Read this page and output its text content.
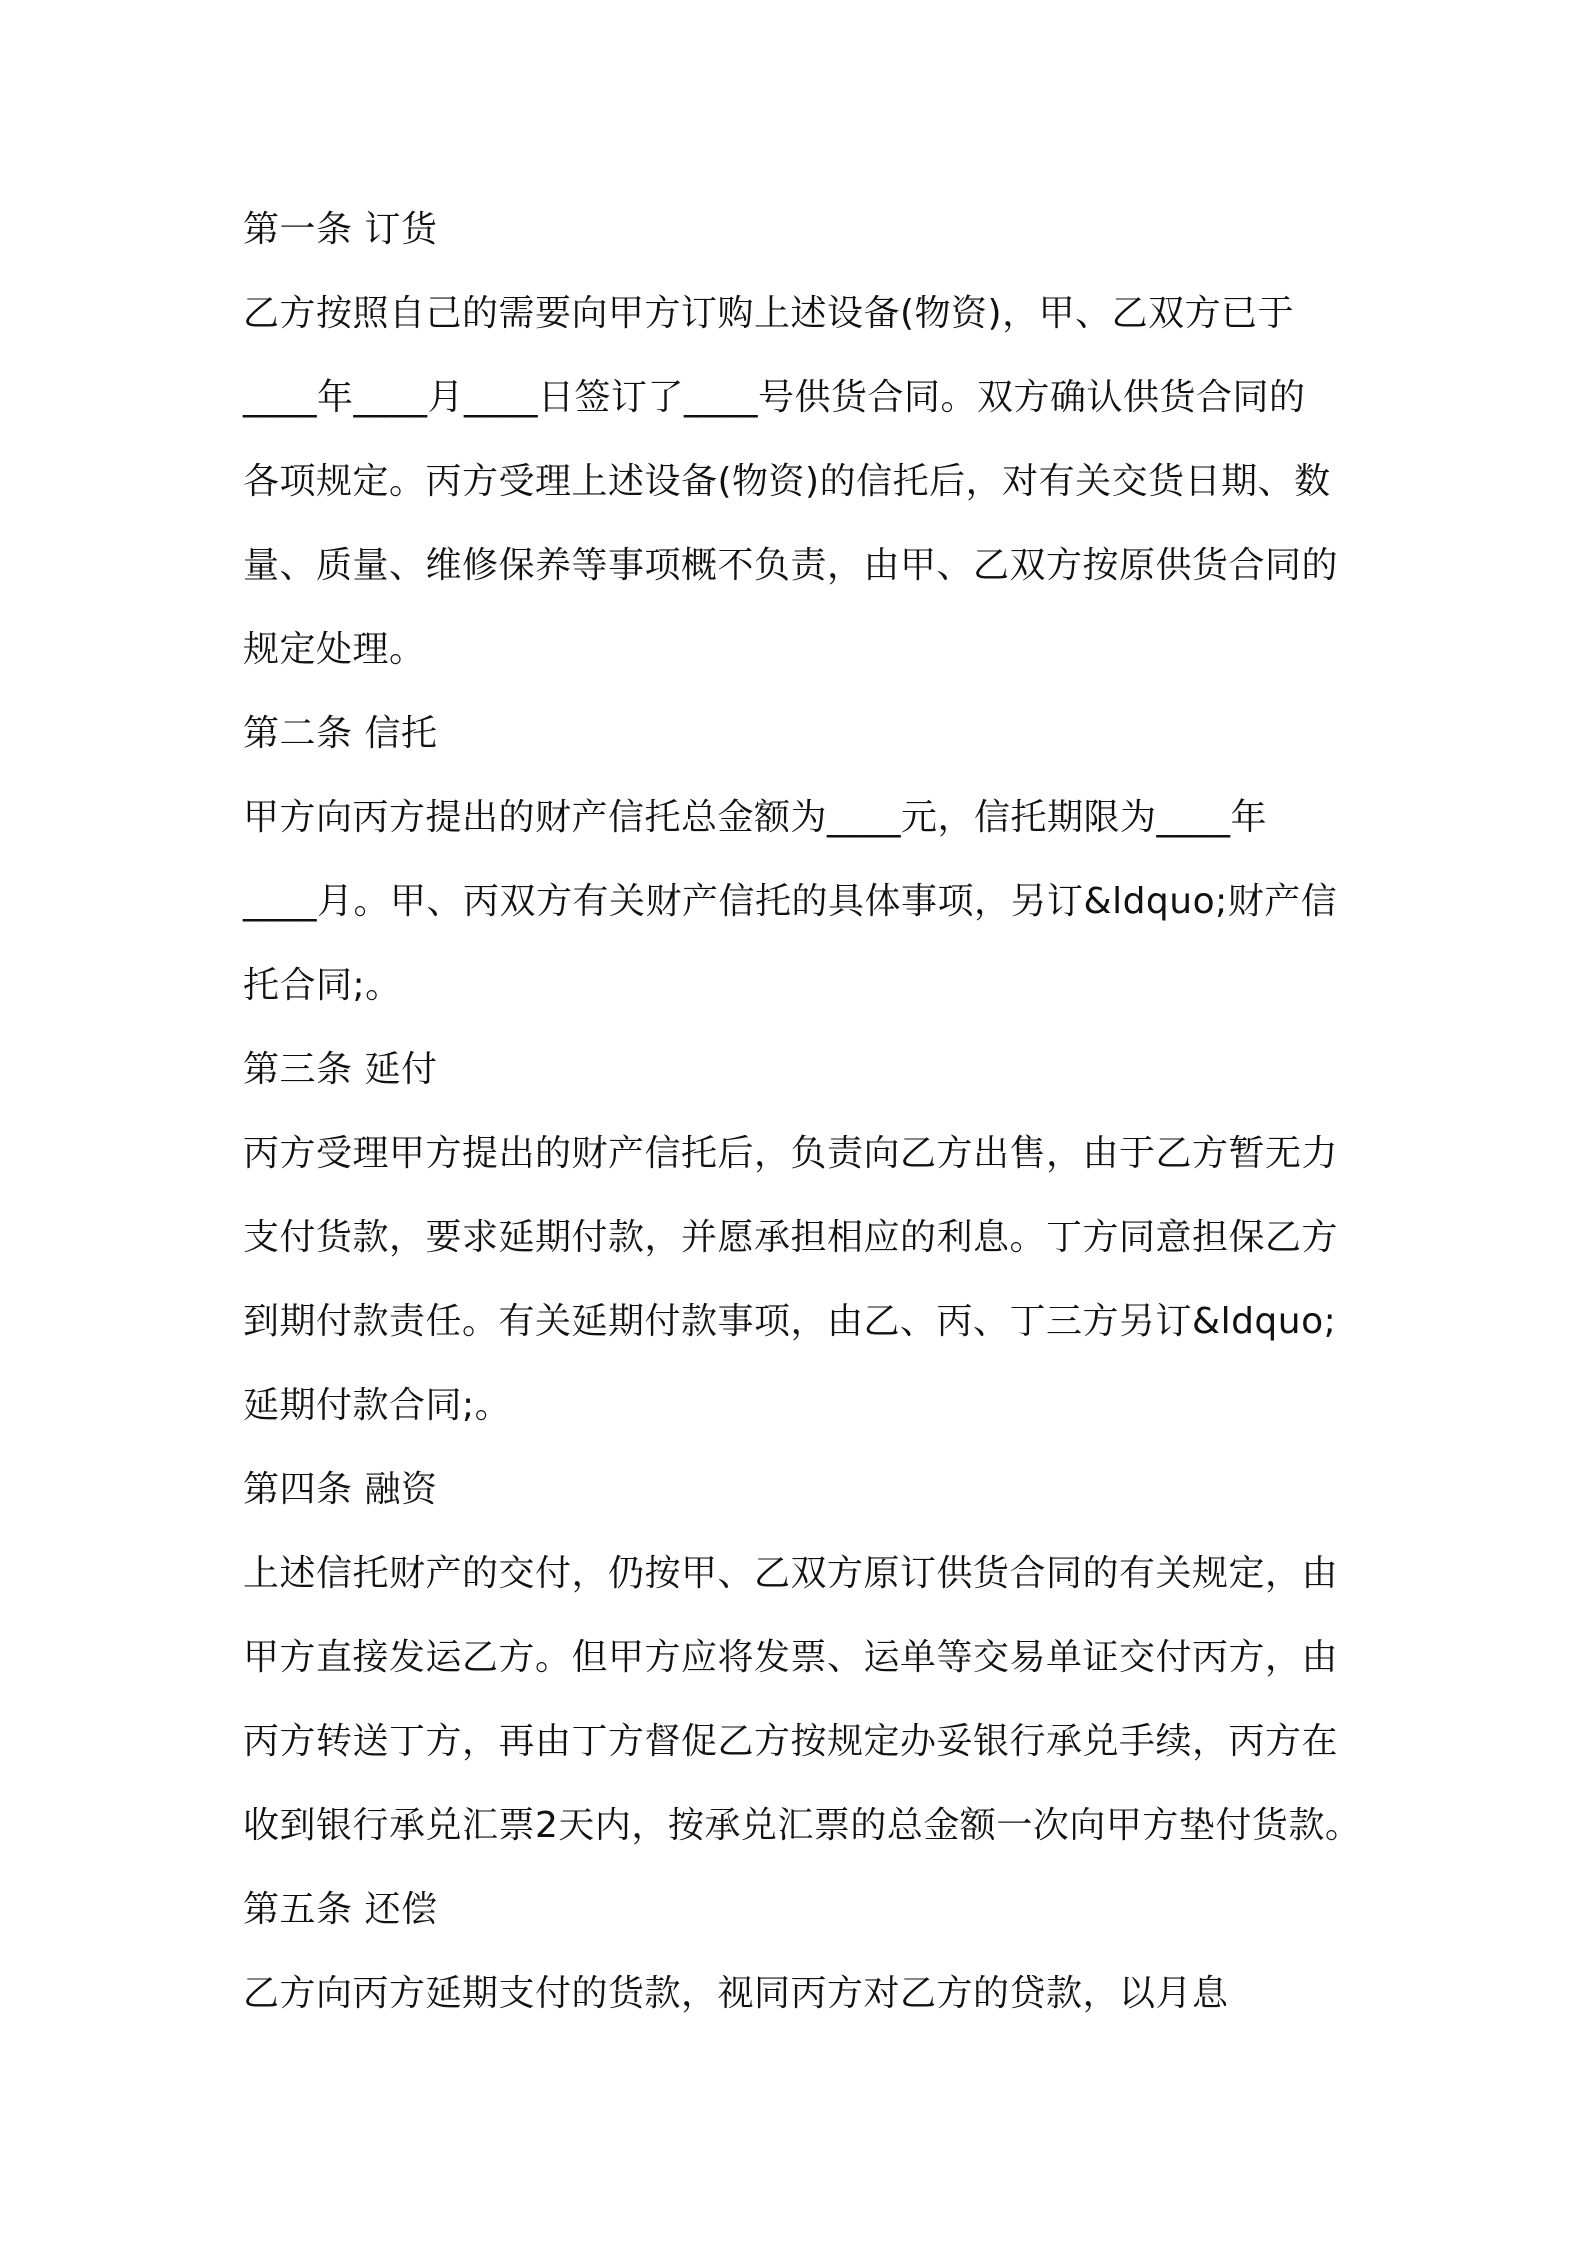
第一条 订货
乙方按照自己的需要向甲方订购上述设备(物资)，甲、乙双方已于
____年____月____日签订了____号供货合同。双方确认供货合同的
各项规定。丙方受理上述设备(物资)的信托后，对有关交货日期、数
量、质量、维修保养等事项概不负责，由甲、乙双方按原供货合同的
规定处理。
第二条 信托
甲方向丙方提出的财产信托总金额为____元，信托期限为____年
____月。甲、丙双方有关财产信托的具体事项，另订&ldquo;财产信
托合同;。
第三条 延付
丙方受理甲方提出的财产信托后，负责向乙方出售，由于乙方暂无力
支付货款，要求延期付款，并愿承担相应的利息。丁方同意担保乙方
到期付款责任。有关延期付款事项，由乙、丙、丁三方另订&ldquo;
延期付款合同;。
第四条 融资
上述信托财产的交付，仍按甲、乙双方原订供货合同的有关规定，由
甲方直接发运乙方。但甲方应将发票、运单等交易单证交付丙方，由
丙方转送丁方，再由丁方督促乙方按规定办妥银行承兑手续，丙方在
收到银行承兑汇票2天内，按承兑汇票的总金额一次向甲方垫付货款。
第五条 还偿
乙方向丙方延期支付的货款，视同丙方对乙方的贷款，以月息
